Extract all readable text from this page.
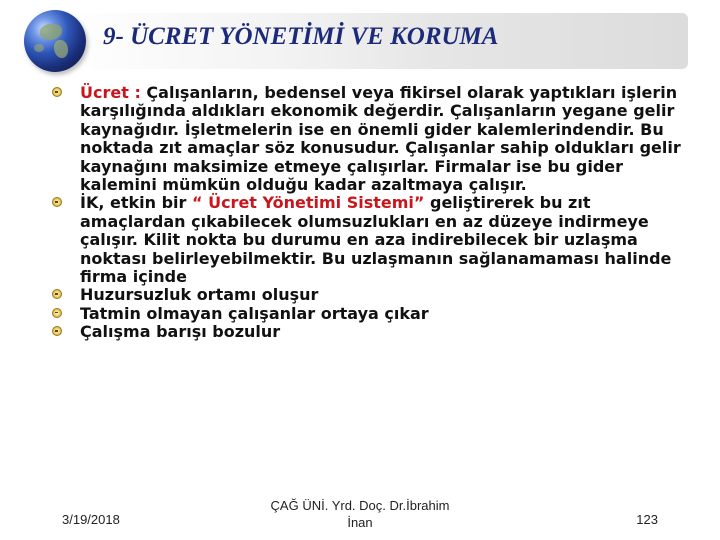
9- ÜCRET YÖNETİMİ VE KORUMA
Ücret : Çalışanların, bedensel veya fikirsel olarak yaptıkları işlerin karşılığında aldıkları ekonomik değerdir. Çalışanların yegane gelir kaynağıdır. İşletmelerin ise en önemli gider kalemlerindendir. Bu noktada zıt amaçlar söz konusudur. Çalışanlar sahip oldukları gelir kaynağını maksimize etmeye çalışırlar. Firmalar ise bu gider kalemini mümkün olduğu kadar azaltmaya çalışır.
İK, etkin bir “ Ücret Yönetimi Sistemi” geliştirerek bu zıt amaçlardan çıkabilecek olumsuzlukları en az düzeye indirmeye çalışır. Kilit nokta bu durumu en aza indirebilecek bir uzlaşma noktası belirleyebilmektir. Bu uzlaşmanın sağlanamaması halinde firma içinde
Huzursuzluk ortamı oluşur
Tatmin olmayan çalışanlar ortaya çıkar
Çalışma barışı bozulur
3/19/2018
ÇAĞ ÜNİ. Yrd. Doç. Dr.İbrahim
İnan	123
